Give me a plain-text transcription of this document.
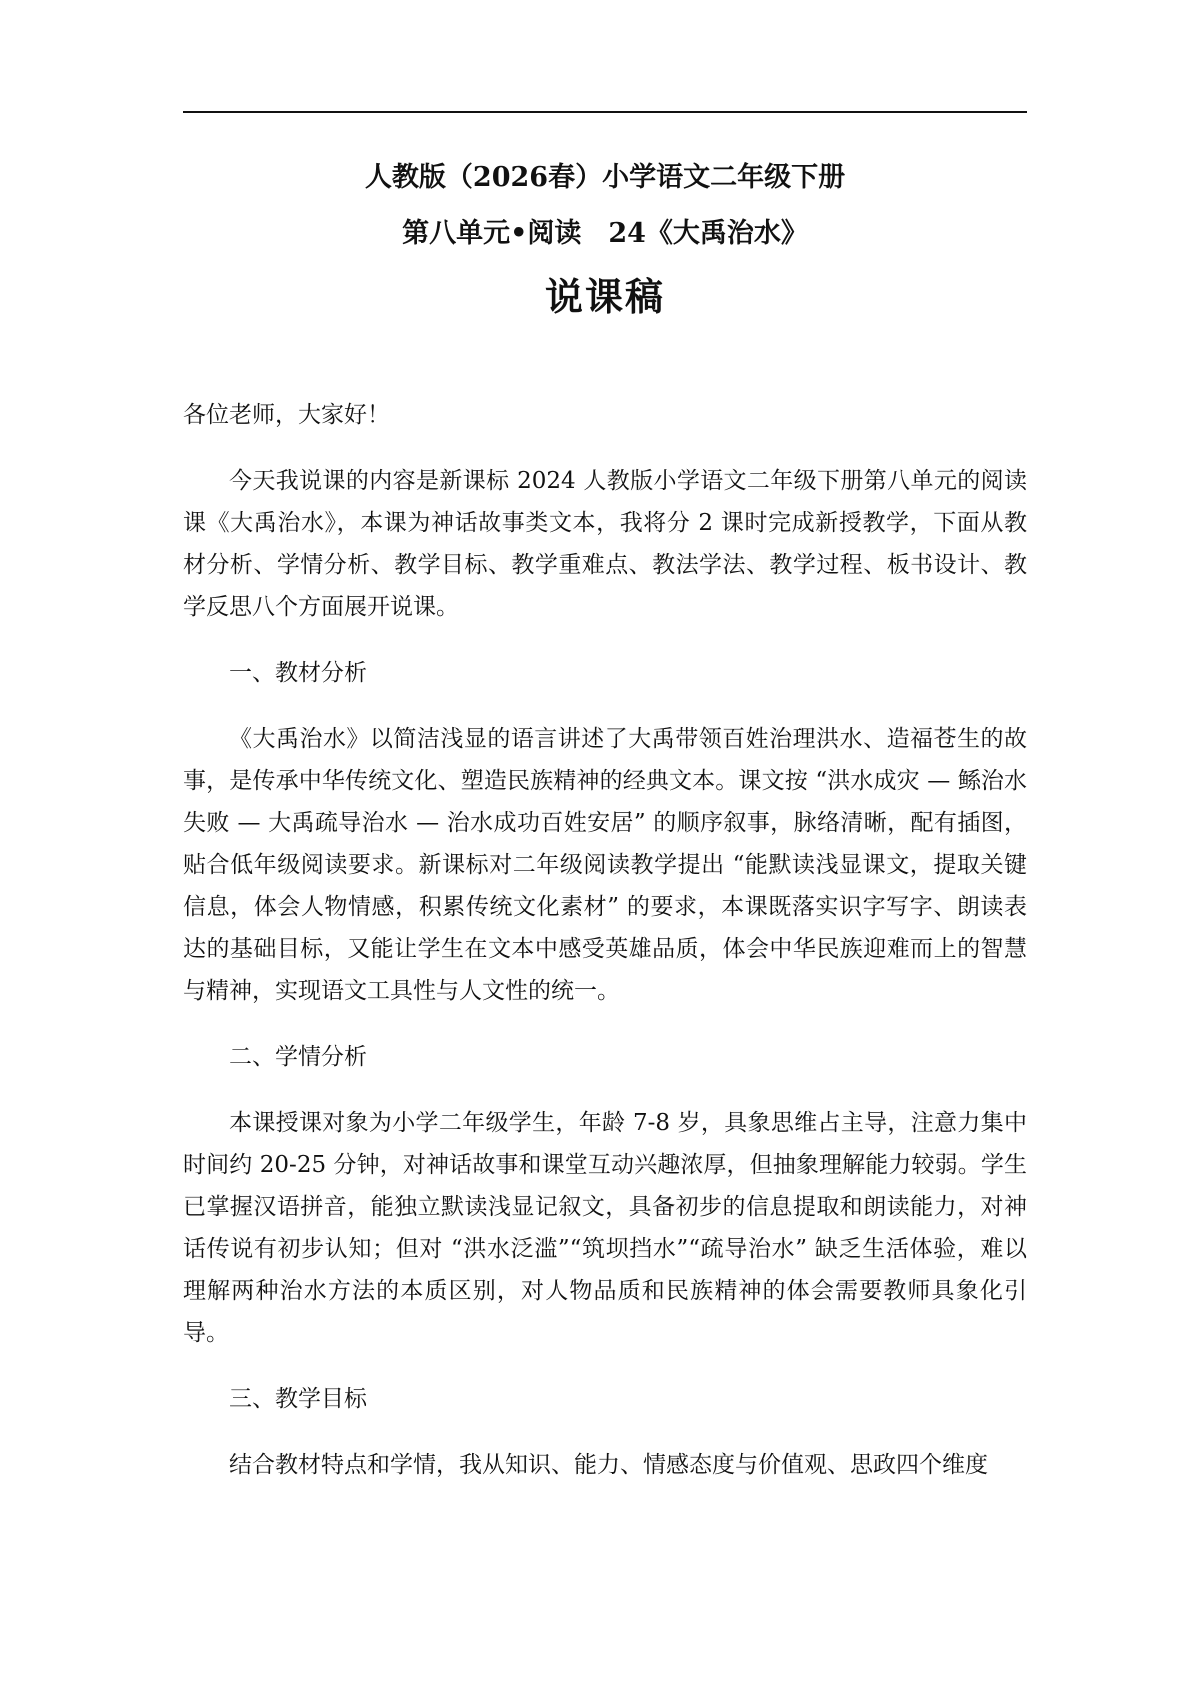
人教版（2026春）小学语文二年级下册
第八单元•阅读　24《大禹治水》
说课稿

各位老师，大家好！

今天我说课的内容是新课标 2024 人教版小学语文二年级下册第八单元的阅读课《大禹治水》，本课为神话故事类文本，我将分 2 课时完成新授教学，下面从教材分析、学情分析、教学目标、教学重难点、教法学法、教学过程、板书设计、教学反思八个方面展开说课。

一、教材分析

《大禹治水》以简洁浅显的语言讲述了大禹带领百姓治理洪水、造福苍生的故事，是传承中华传统文化、塑造民族精神的经典文本。课文按 “洪水成灾 — 鲧治水失败 — 大禹疏导治水 — 治水成功百姓安居” 的顺序叙事，脉络清晰，配有插图，贴合低年级阅读要求。新课标对二年级阅读教学提出 “能默读浅显课文，提取关键信息，体会人物情感，积累传统文化素材” 的要求，本课既落实识字写字、朗读表达的基础目标，又能让学生在文本中感受英雄品质，体会中华民族迎难而上的智慧与精神，实现语文工具性与人文性的统一。

二、学情分析

本课授课对象为小学二年级学生，年龄 7-8 岁，具象思维占主导，注意力集中时间约 20-25 分钟，对神话故事和课堂互动兴趣浓厚，但抽象理解能力较弱。学生已掌握汉语拼音，能独立默读浅显记叙文，具备初步的信息提取和朗读能力，对神话传说有初步认知；但对 “洪水泛滥”“筑坝挡水”“疏导治水” 缺乏生活体验，难以理解两种治水方法的本质区别，对人物品质和民族精神的体会需要教师具象化引导。

三、教学目标

结合教材特点和学情，我从知识、能力、情感态度与价值观、思政四个维度
